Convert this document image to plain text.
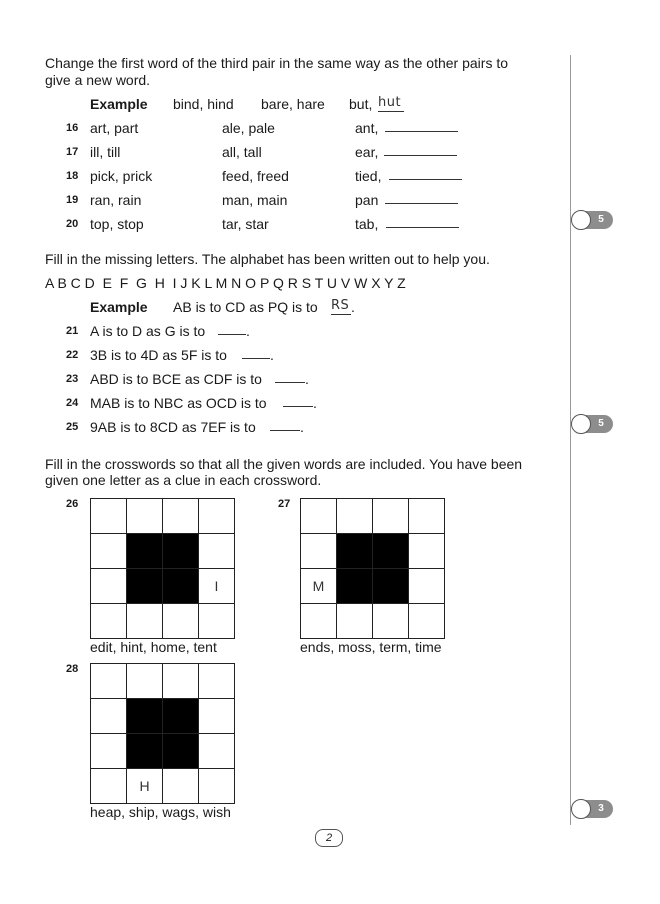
Change the first word of the third pair in the same way as the other pairs to
give a new word.
Example bind, hind bare, hare but, hut
16 art, part	ale, pale	ant,
17 ill, till	all, tall	ear,
18 pick, prick	feed, freed	tied,
19 ran, rain	man, main	pan
20 top, stop	tar, star	tab,
Fill in the missing letters. The alphabet has been written out to help you.
A B C D  E  F  G  H  I J K L M N O P Q R S T U V W X Y Z
Example AB is to CD as PQ is to RS .
21 A is to D as G is to	.
22 3B is to 4D as 5F is to	.
23 ABD is to BCE as CDF is to	.
24 MAB is to NBC as OCD is to	.
25 9AB is to 8CD as 7EF is to	.
Fill in the crosswords so that all the given words are included. You have been
given one letter as a clue in each crossword.
26
I
edit, hint, home, tent
27
M
ends, moss, term, time
28
H
heap, ship, wags, wish
5
5
3
2
